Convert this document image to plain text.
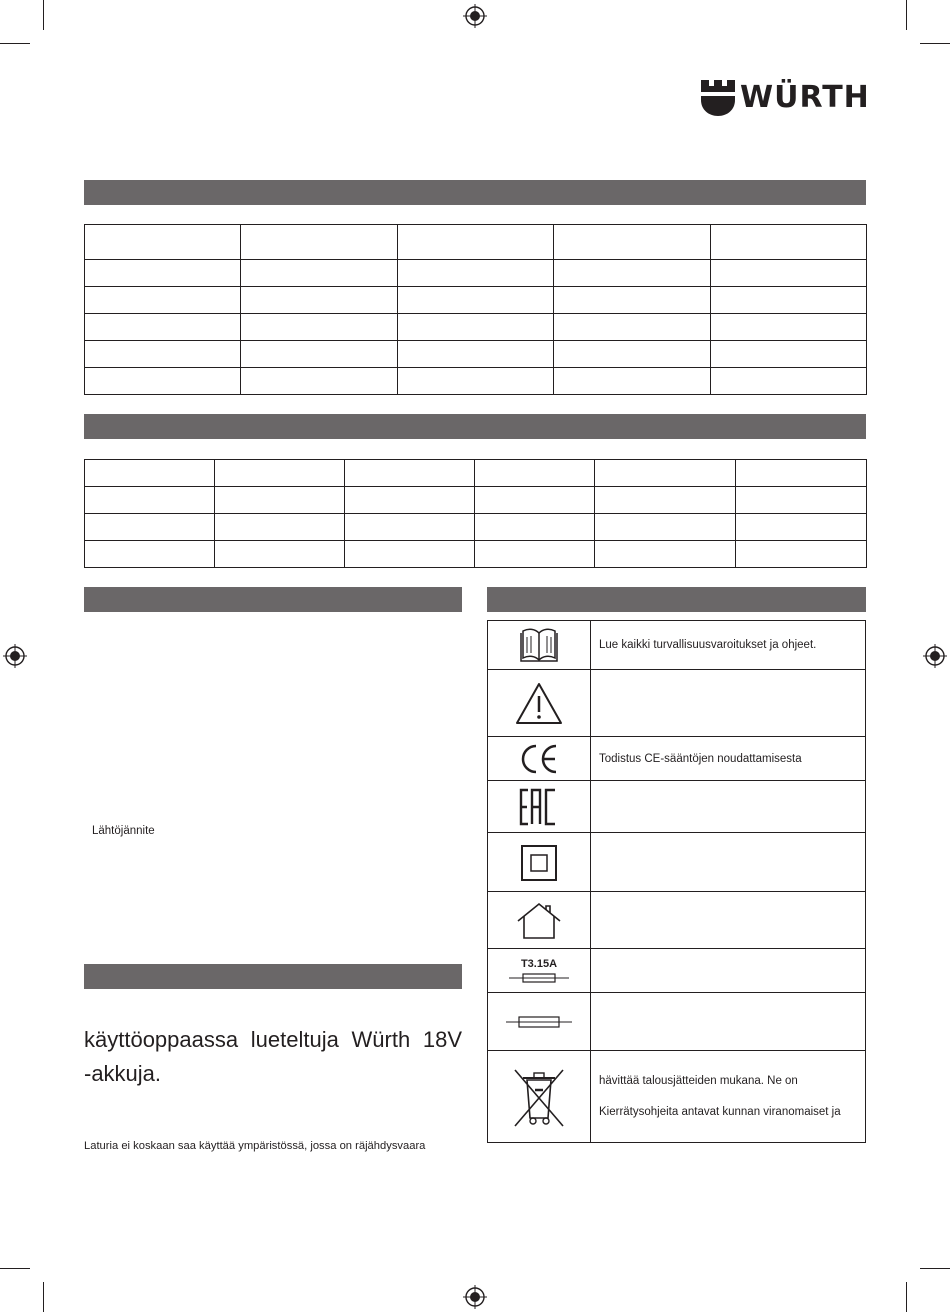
WÜRTH

Lähtöjännite
käyttöoppaassa lueteltuja Würth 18V
-akkuja.
Laturia ei koskaan saa käyttää ympäristössä, jossa on räjähdysvaara
Lue kaikki turvallisuusvaroitukset ja ohjeet.
Todistus CE-sääntöjen noudattamisesta
T3.15A
hävittää talousjätteiden mukana. Ne on
Kierrätysohjeita antavat kunnan viranomaiset ja
